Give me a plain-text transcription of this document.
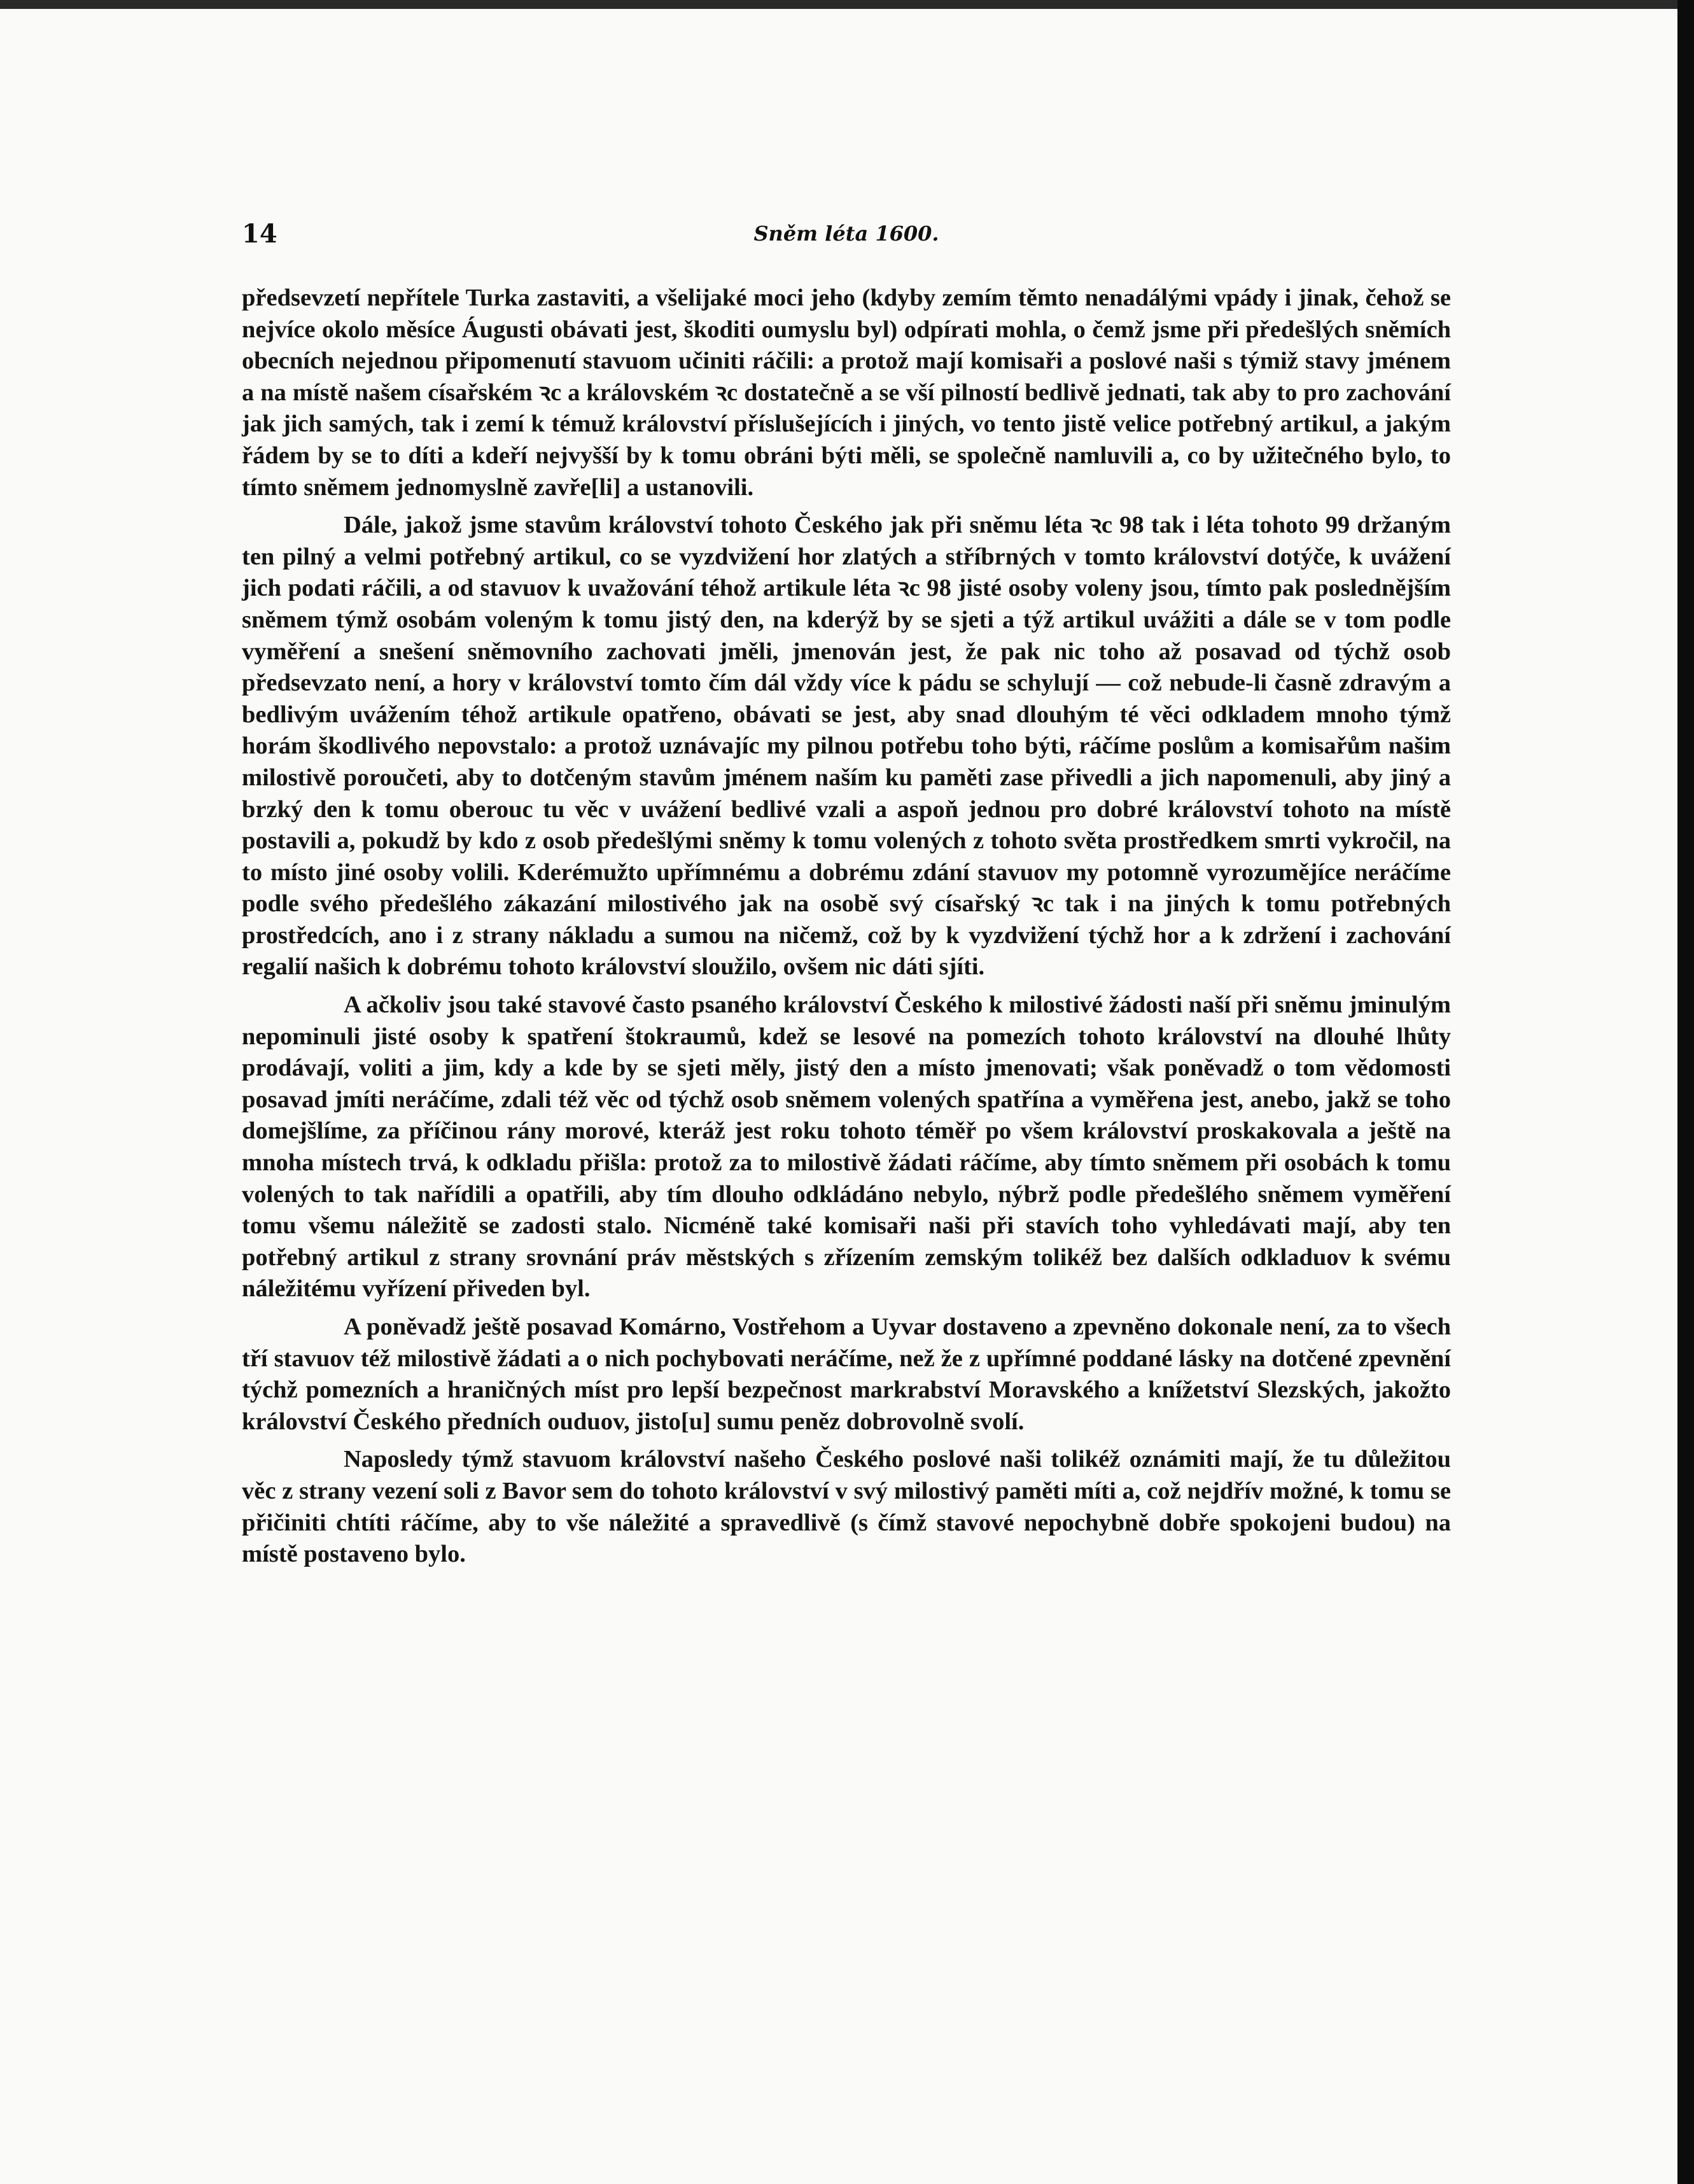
14	Sněm léta 1600.

předsevzetí nepřítele Turka zastaviti, a všelijaké moci jeho (kdyby zemím těmto nenadálými vpády i jinak, čehož se nejvíce okolo měsíce Áugusti obávati jest, škoditi oumyslu byl) odpírati mohla, o čemž jsme při předešlých sněmích obecních nejednou připomenutí stavuom učiniti ráčili: a protož mají komisaři a poslové naši s týmiž stavy jménem a na místě našem císařském ꝛc a královském ꝛc dostatečně a se vší pilností bedlivě jednati, tak aby to pro zachování jak jich samých, tak i zemí k témuž království příslušejících i jiných, vo tento jistě velice potřebný artikul, a jakým řádem by se to díti a kdeří nejvyšší by k tomu obráni býti měli, se společně namluvili a, co by užitečného bylo, to tímto sněmem jednomyslně zavře[li] a ustanovili.

Dále, jakož jsme stavům království tohoto Českého jak při sněmu léta ꝛc 98 tak i léta tohoto 99 držaným ten pilný a velmi potřebný artikul, co se vyzdvižení hor zlatých a stříbrných v tomto království dotýče, k uvážení jich podati ráčili, a od stavuov k uvažování téhož artikule léta ꝛc 98 jisté osoby voleny jsou, tímto pak poslednějším sněmem týmž osobám voleným k tomu jistý den, na kderýž by se sjeti a týž artikul uvážiti a dále se v tom podle vyměření a snešení sněmovního zachovati jměli, jmenován jest, že pak nic toho až posavad od týchž osob předsevzato není, a hory v království tomto čím dál vždy více k pádu se schylují — což nebude-li časně zdravým a bedlivým uvážením téhož artikule opatřeno, obávati se jest, aby snad dlouhým té věci odkladem mnoho týmž horám škodlivého nepovstalo: a protož uznávajíc my pilnou potřebu toho býti, ráčíme poslům a komisařům našim milostivě poroučeti, aby to dotčeným stavům jménem naším ku paměti zase přivedli a jich napomenuli, aby jiný a brzký den k tomu oberouc tu věc v uvážení bedlivé vzali a aspoň jednou pro dobré království tohoto na místě postavili a, pokudž by kdo z osob předešlými sněmy k tomu volených z tohoto světa prostředkem smrti vykročil, na to místo jiné osoby volili. Kderémužto upřímnému a dobrému zdání stavuov my potomně vyrozumějíce neráčíme podle svého předešlého zákazání milostivého jak na osobě svý císařský ꝛc tak i na jiných k tomu potřebných prostředcích, ano i z strany nákladu a sumou na ničemž, což by k vyzdvižení týchž hor a k zdržení i zachování regalií našich k dobrému tohoto království sloužilo, ovšem nic dáti sjíti.

A ačkoliv jsou také stavové často psaného království Českého k milostivé žádosti naší při sněmu jminulým nepominuli jisté osoby k spatření štokraumů, kdež se lesové na pomezích tohoto království na dlouhé lhůty prodávají, voliti a jim, kdy a kde by se sjeti měly, jistý den a místo jmenovati; však poněvadž o tom vědomosti posavad jmíti neráčíme, zdali též věc od týchž osob sněmem volených spatřína a vyměřena jest, anebo, jakž se toho domejšlíme, za příčinou rány morové, kteráž jest roku tohoto téměř po všem království proskakovala a ještě na mnoha místech trvá, k odkladu přišla: protož za to milostivě žádati ráčíme, aby tímto sněmem při osobách k tomu volených to tak nařídili a opatřili, aby tím dlouho odkládáno nebylo, nýbrž podle předešlého sněmem vyměření tomu všemu náležitě se zadosti stalo. Nicméně také komisaři naši při stavích toho vyhledávati mají, aby ten potřebný artikul z strany srovnání práv městských s zřízením zemským tolikéž bez dalších odkladuov k svému náležitému vyřízení přiveden byl.

A poněvadž ještě posavad Komárno, Vostřehom a Uyvar dostaveno a zpevněno dokonale není, za to všech tří stavuov též milostivě žádati a o nich pochybovati neráčíme, než že z upřímné poddané lásky na dotčené zpevnění týchž pomezních a hraničných míst pro lepší bezpečnost markrabství Moravského a knížetství Slezských, jakožto království Českého předních ouduov, jisto[u] sumu peněz dobrovolně svolí.

Naposledy týmž stavuom království našeho Českého poslové naši tolikéž oznámiti mají, že tu důležitou věc z strany vezení soli z Bavor sem do tohoto království v svý milostivý paměti míti a, což nejdřív možné, k tomu se přičiniti chtíti ráčíme, aby to vše náležité a spravedlivě (s čímž stavové nepochybně dobře spokojeni budou) na místě postaveno bylo.
